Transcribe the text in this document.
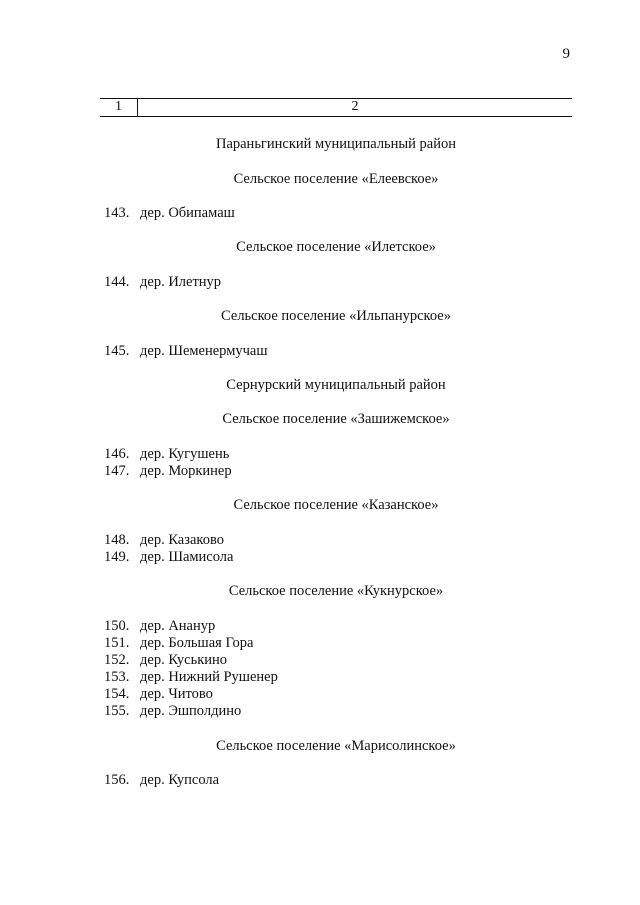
9
1	2
Параньгинский муниципальный район
Сельское поселение «Елеевское»
143. дер. Обипамаш
Сельское поселение «Илетское»
144. дер. Илетнур
Сельское поселение «Ильпанурское»
145. дер. Шеменермучаш
Сернурский муниципальный район
Сельское поселение «Зашижемское»
146. дер. Кугушень
147. дер. Моркинер
Сельское поселение «Казанское»
148. дер. Казаково
149. дер. Шамисола
Сельское поселение «Кукнурское»
150. дер. Ананур
151. дер. Большая Гора
152. дер. Куськино
153. дер. Нижний Рушенер
154. дер. Читово
155. дер. Эшполдино
Сельское поселение «Марисолинское»
156. дер. Купсола
